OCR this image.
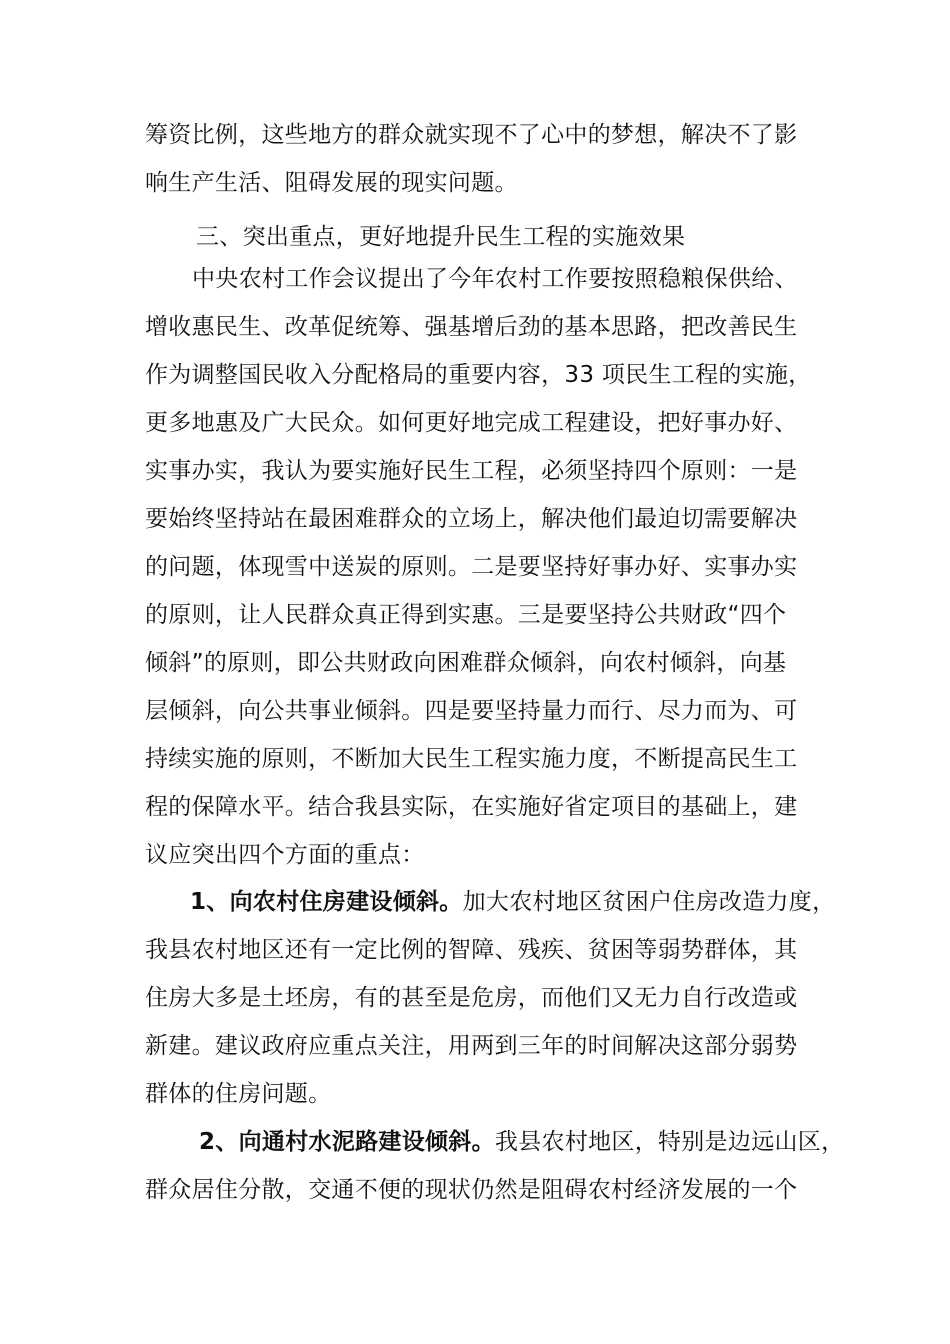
筹资比例，这些地方的群众就实现不了心中的梦想，解决不了影
响生产生活、阻碍发展的现实问题。
三、突出重点，更好地提升民生工程的实施效果
中央农村工作会议提出了今年农村工作要按照稳粮保供给、
增收惠民生、改革促统筹、强基增后劲的基本思路，把改善民生
作为调整国民收入分配格局的重要内容，33 项民生工程的实施，
更多地惠及广大民众。如何更好地完成工程建设，把好事办好、
实事办实，我认为要实施好民生工程，必须坚持四个原则：一是
要始终坚持站在最困难群众的立场上，解决他们最迫切需要解决
的问题，体现雪中送炭的原则。二是要坚持好事办好、实事办实
的原则，让人民群众真正得到实惠。三是要坚持公共财政“四个
倾斜”的原则，即公共财政向困难群众倾斜，向农村倾斜，向基
层倾斜，向公共事业倾斜。四是要坚持量力而行、尽力而为、可
持续实施的原则，不断加大民生工程实施力度，不断提高民生工
程的保障水平。结合我县实际，在实施好省定项目的基础上，建
议应突出四个方面的重点：
1、向农村住房建设倾斜。加大农村地区贫困户住房改造力度，
我县农村地区还有一定比例的智障、残疾、贫困等弱势群体，其
住房大多是土坯房，有的甚至是危房，而他们又无力自行改造或
新建。建议政府应重点关注，用两到三年的时间解决这部分弱势
群体的住房问题。
2、向通村水泥路建设倾斜。我县农村地区，特别是边远山区，
群众居住分散，交通不便的现状仍然是阻碍农村经济发展的一个
